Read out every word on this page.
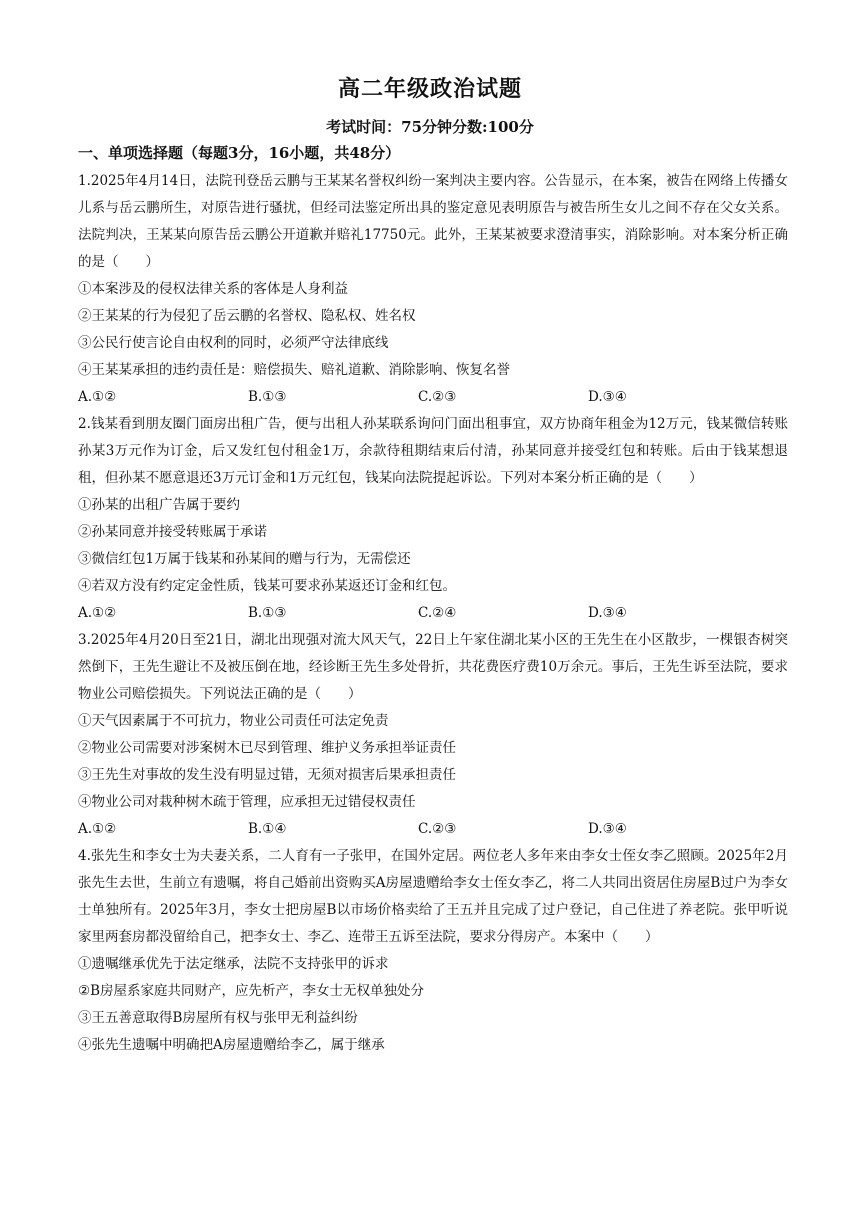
高二年级政治试题
考试时间：75分钟分数:100分
一、单项选择题（每题3分，16小题，共48分）

1.2025年4月14日，法院刊登岳云鹏与王某某名誉权纠纷一案判决主要内容。公告显示，在本案，被告在网络上传播女儿系与岳云鹏所生，对原告进行骚扰，但经司法鉴定所出具的鉴定意见表明原告与被告所生女儿之间不存在父女关系。法院判决，王某某向原告岳云鹏公开道歉并赔礼17750元。此外，王某某被要求澄清事实，消除影响。对本案分析正确的是（　　）

①本案涉及的侵权法律关系的客体是人身利益

②王某某的行为侵犯了岳云鹏的名誉权、隐私权、姓名权

③公民行使言论自由权利的同时，必须严守法律底线

④王某某承担的违约责任是：赔偿损失、赔礼道歉、消除影响、恢复名誉

A.①②	B.①③	C.②③	D.③④

2.钱某看到朋友圈门面房出租广告，便与出租人孙某联系询问门面出租事宜，双方协商年租金为12万元，钱某微信转账孙某3万元作为订金，后又发红包付租金1万，余款待租期结束后付清，孙某同意并接受红包和转账。后由于钱某想退租，但孙某不愿意退还3万元订金和1万元红包，钱某向法院提起诉讼。下列对本案分析正确的是（　　）

①孙某的出租广告属于要约

②孙某同意并接受转账属于承诺

③微信红包1万属于钱某和孙某间的赠与行为，无需偿还

④若双方没有约定定金性质，钱某可要求孙某返还订金和红包。

A.①②	B.①③	C.②④	D.③④

3.2025年4月20日至21日，湖北出现强对流大风天气，22日上午家住湖北某小区的王先生在小区散步，一棵银杏树突然倒下，王先生避让不及被压倒在地，经诊断王先生多处骨折，共花费医疗费10万余元。事后，王先生诉至法院，要求物业公司赔偿损失。下列说法正确的是（　　）

①天气因素属于不可抗力，物业公司责任可法定免责

②物业公司需要对涉案树木已尽到管理、维护义务承担举证责任

③王先生对事故的发生没有明显过错，无须对损害后果承担责任

④物业公司对栽种树木疏于管理，应承担无过错侵权责任

A.①②	B.①④	C.②③	D.③④

4.张先生和李女士为夫妻关系，二人育有一子张甲，在国外定居。两位老人多年来由李女士侄女李乙照顾。2025年2月张先生去世，生前立有遗嘱，将自己婚前出资购买A房屋遗赠给李女士侄女李乙，将二人共同出资居住房屋B过户为李女士单独所有。2025年3月，李女士把房屋B以市场价格卖给了王五并且完成了过户登记，自己住进了养老院。张甲听说家里两套房都没留给自己，把李女士、李乙、连带王五诉至法院，要求分得房产。本案中（　　）

①遗嘱继承优先于法定继承，法院不支持张甲的诉求

②B房屋系家庭共同财产，应先析产，李女士无权单独处分

③王五善意取得B房屋所有权与张甲无利益纠纷

④张先生遗嘱中明确把A房屋遗赠给李乙，属于继承
